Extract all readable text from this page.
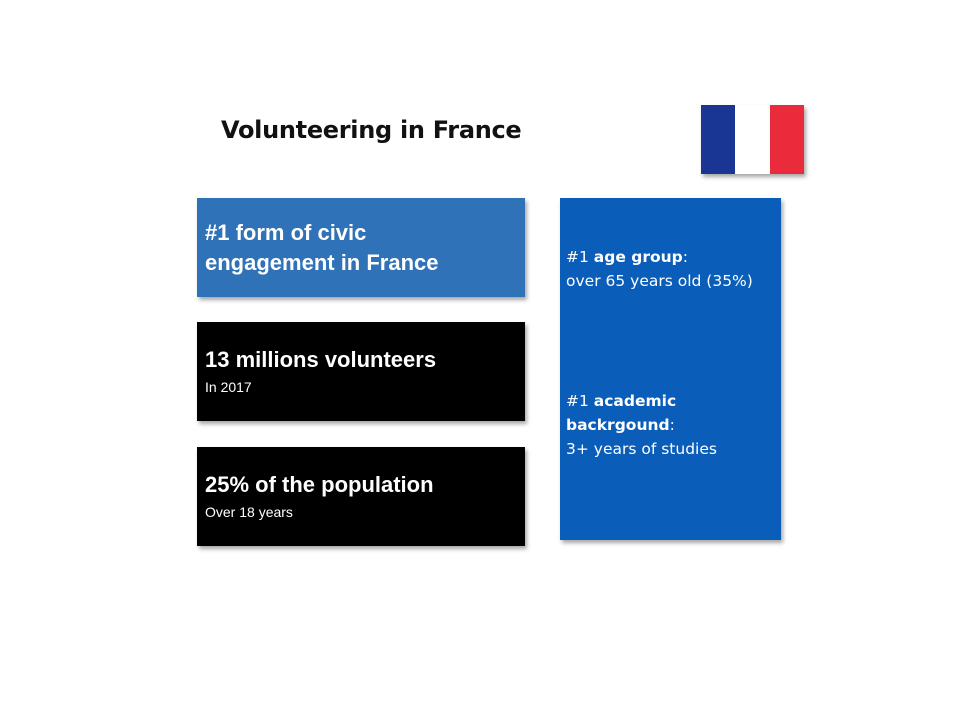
Volunteering in France
#1 form of civic
engagement in France
13 millions volunteers
In 2017
25% of the population
Over 18 years
#1 age group:
over 65 years old (35%)
#1 academic
backrgound:
3+ years of studies
